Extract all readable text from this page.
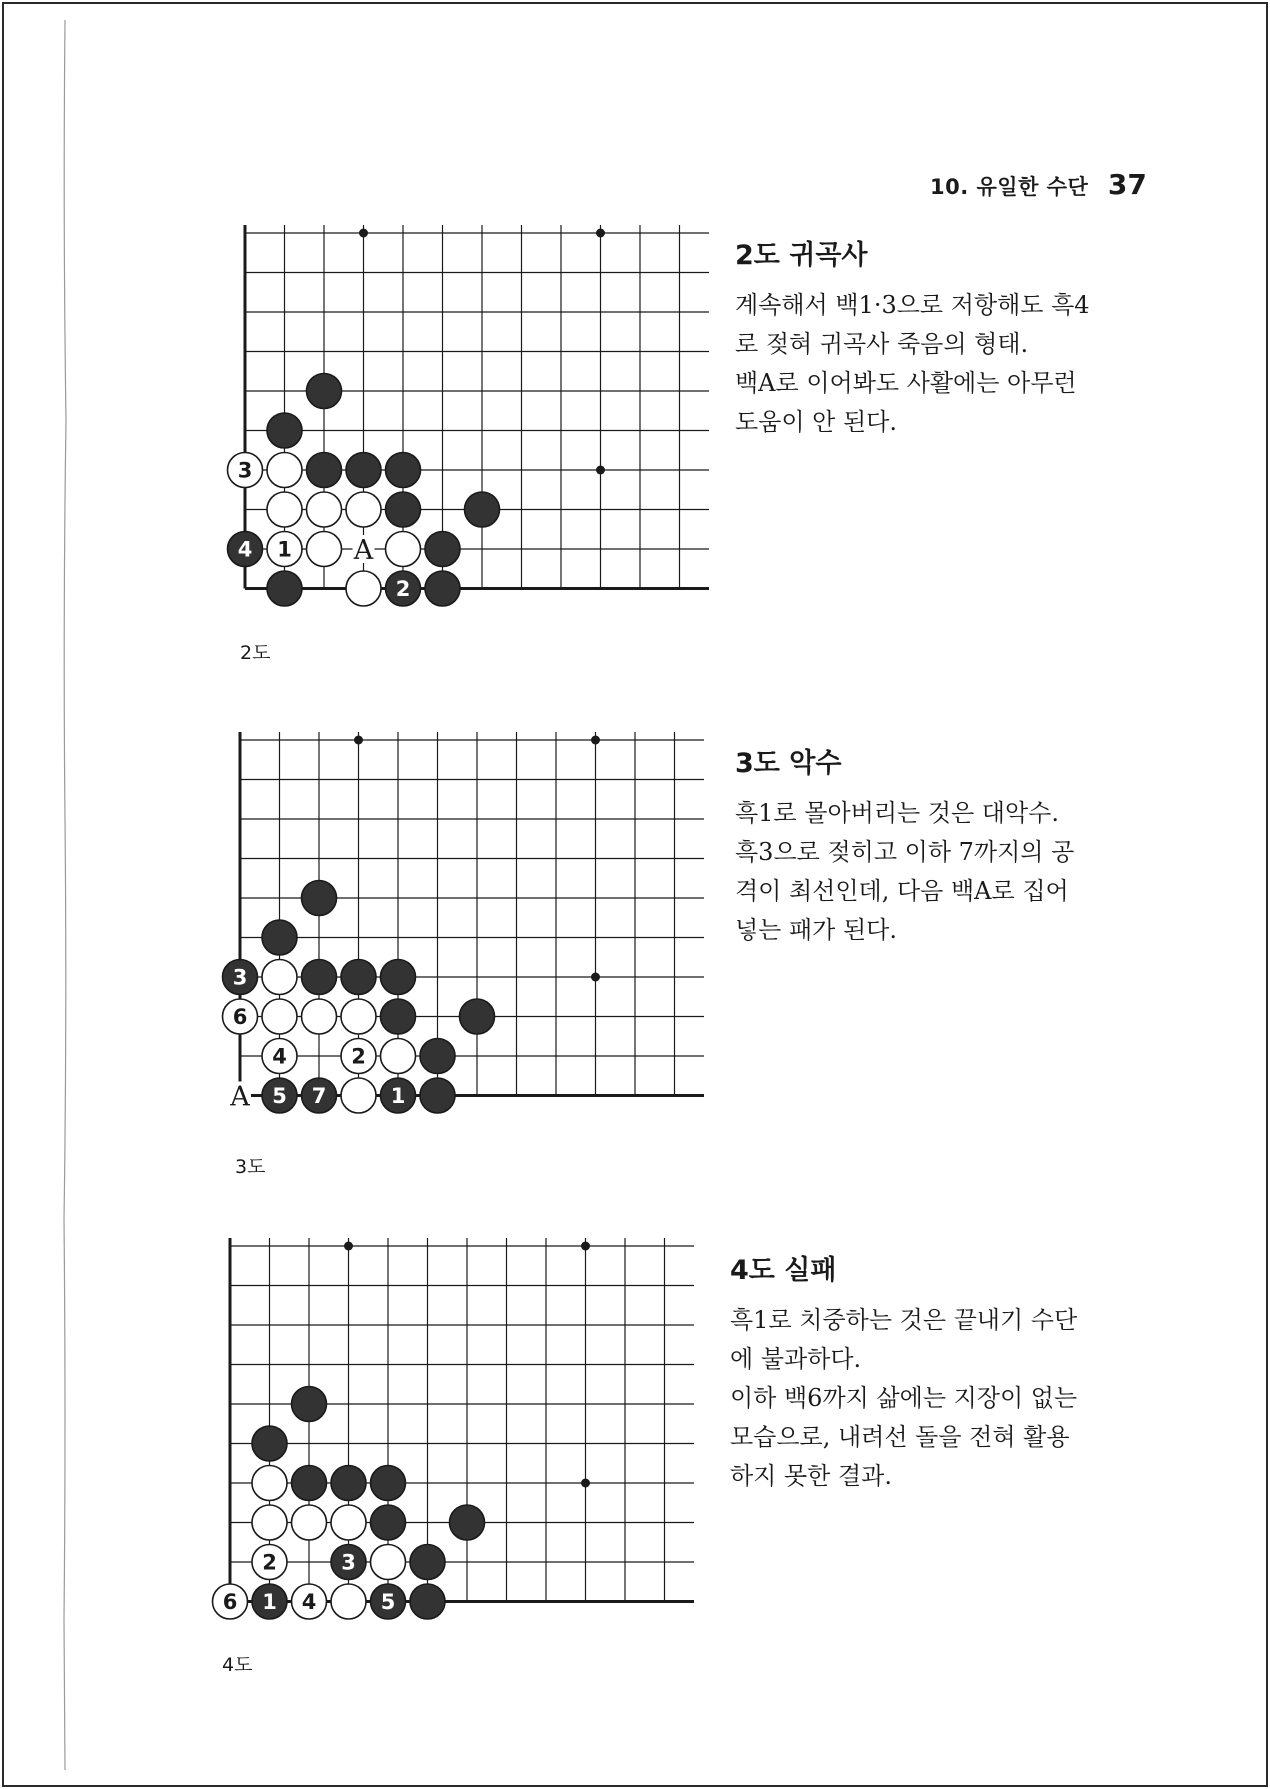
10. 유일한 수단 37
3
4 1 A
2
2도
2도 귀곡사

계속해서 백1·3으로 저항해도 흑4

로 젖혀 귀곡사 죽음의 형태.

백A로 이어봐도 사활에는 아무런

도움이 안 된다.

3
6
4	2
A 5 7	1
3도
3도 악수

흑1로 몰아버리는 것은 대악수.

흑3으로 젖히고 이하 7까지의 공

격이 최선인데, 다음 백A로 집어

넣는 패가 된다.

2	3
6 1 4	5
4도
4도 실패

흑1로 치중하는 것은 끝내기 수단

에 불과하다.

이하 백6까지 삶에는 지장이 없는

모습으로, 내려선 돌을 전혀 활용

하지 못한 결과.
